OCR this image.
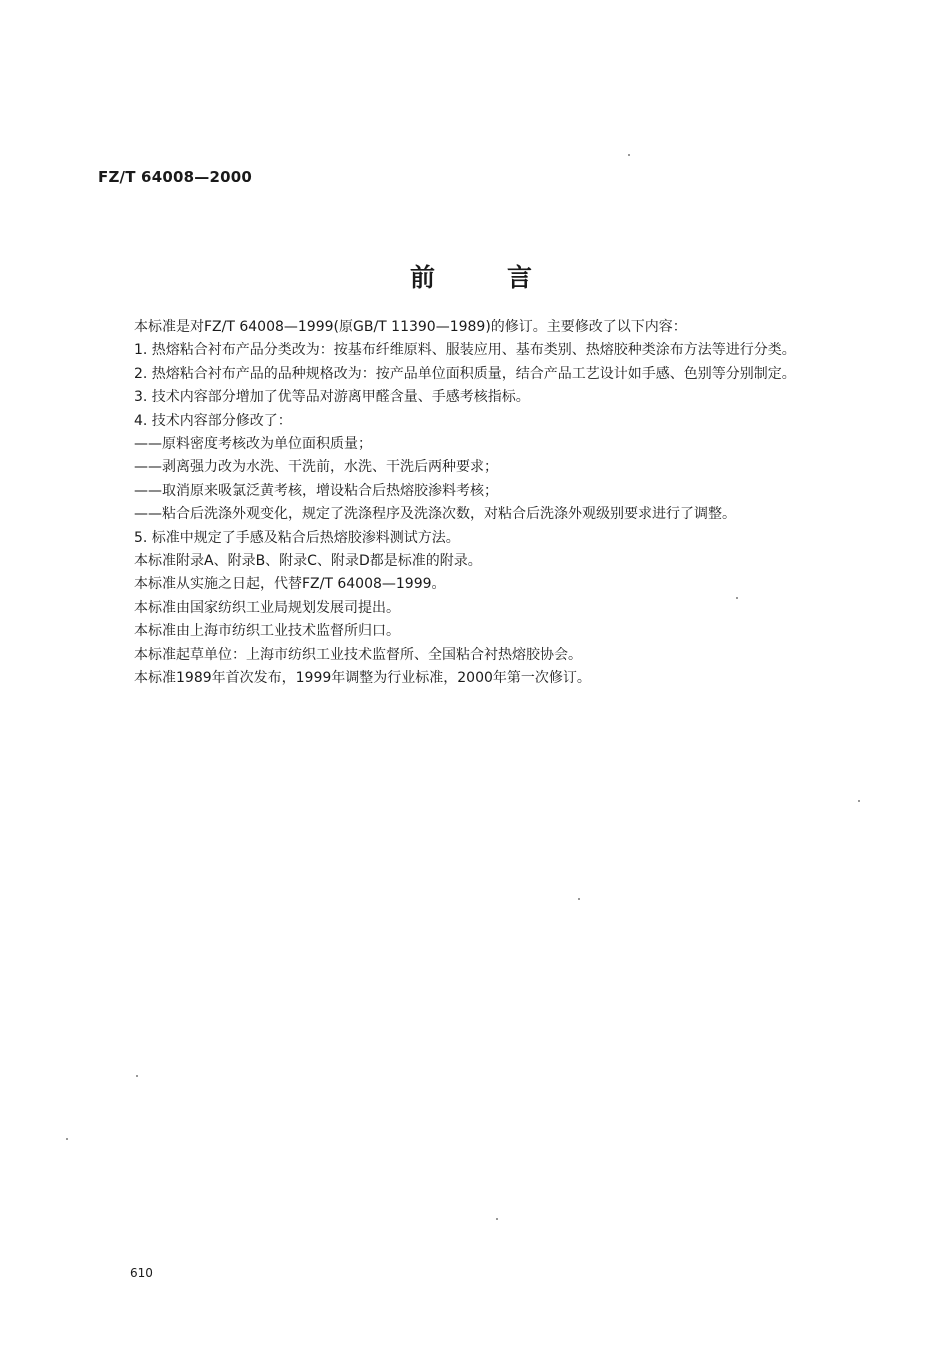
FZ/T 64008—2000
前言

本标准是对FZ/T 64008—1999(原GB/T 11390—1989)的修订。主要修改了以下内容：

1. 热熔粘合衬布产品分类改为：按基布纤维原料、服装应用、基布类别、热熔胶种类涂布方法等进行分类。

2. 热熔粘合衬布产品的品种规格改为：按产品单位面积质量，结合产品工艺设计如手感、色别等分别制定。

3. 技术内容部分增加了优等品对游离甲醛含量、手感考核指标。

4. 技术内容部分修改了：

——原料密度考核改为单位面积质量；

——剥离强力改为水洗、干洗前，水洗、干洗后两种要求；

——取消原来吸氯泛黄考核，增设粘合后热熔胶渗料考核；

——粘合后洗涤外观变化，规定了洗涤程序及洗涤次数，对粘合后洗涤外观级别要求进行了调整。

5. 标准中规定了手感及粘合后热熔胶渗料测试方法。

本标准附录A、附录B、附录C、附录D都是标准的附录。

本标准从实施之日起，代替FZ/T 64008—1999。

本标准由国家纺织工业局规划发展司提出。

本标准由上海市纺织工业技术监督所归口。

本标准起草单位：上海市纺织工业技术监督所、全国粘合衬热熔胶协会。

本标准1989年首次发布，1999年调整为行业标准，2000年第一次修订。

610
